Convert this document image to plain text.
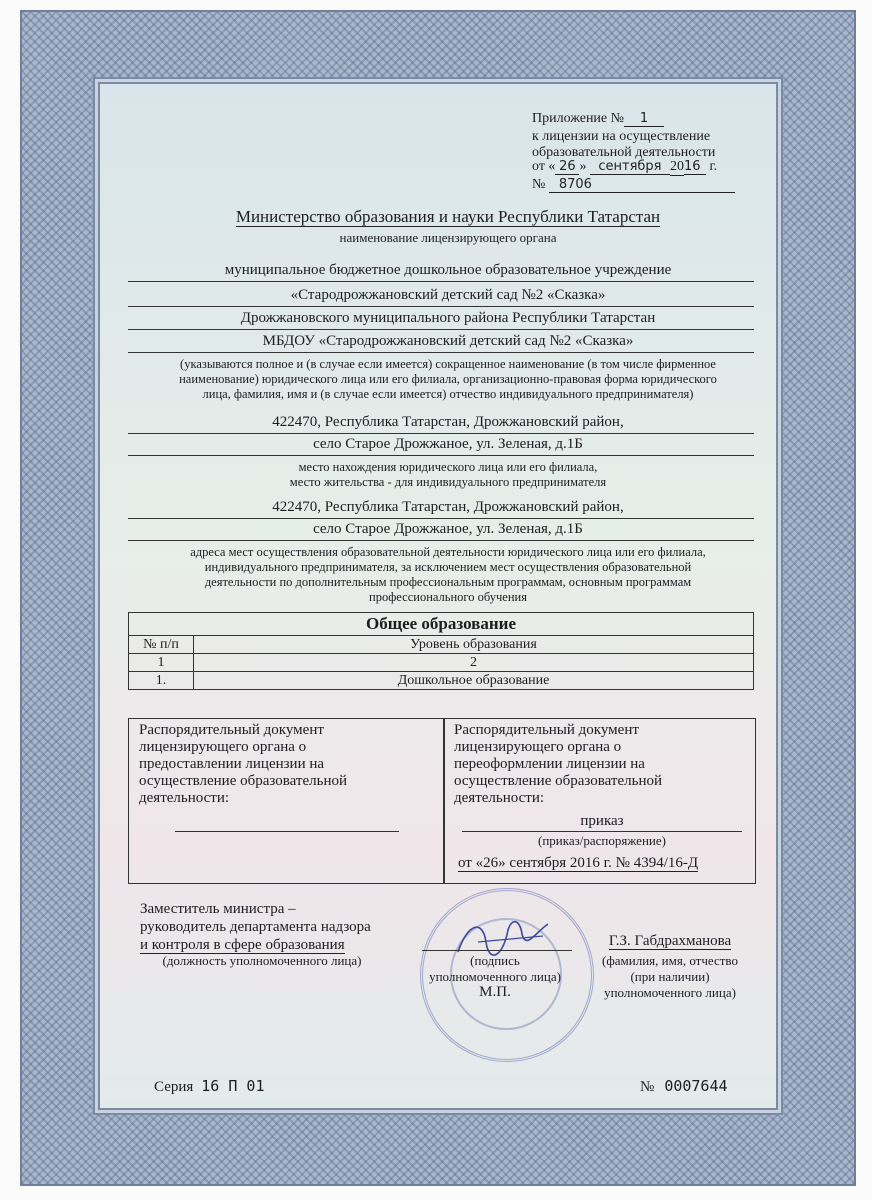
Приложение № 1
к лицензии на осуществление
образовательной деятельности
от « 26 » сентября 2016 г.
№ 8706
Министерство образования и науки Республики Татарстан
наименование лицензирующего органа
муниципальное бюджетное дошкольное образовательное учреждение
«Стародрожжановский детский сад №2 «Сказка»
Дрожжановского муниципального района Республики Татарстан
МБДОУ «Стародрожжановский детский сад №2 «Сказка»
(указываются полное и (в случае если имеется) сокращенное наименование (в том числе фирменное
наименование) юридического лица или его филиала, организационно-правовая форма юридического
лица, фамилия, имя и (в случае если имеется) отчество индивидуального предпринимателя)
422470, Республика Татарстан, Дрожжановский район,
село Старое Дрожжаное, ул. Зеленая, д.1Б
место нахождения юридического лица или его филиала,
место жительства - для индивидуального предпринимателя
422470, Республика Татарстан, Дрожжановский район,
село Старое Дрожжаное, ул. Зеленая, д.1Б
адреса мест осуществления образовательной деятельности юридического лица или его филиала,
индивидуального предпринимателя, за исключением мест осуществления образовательной
деятельности по дополнительным профессиональным программам, основным программам
профессионального обучения
Общее образование	
№ п/п	Уровень образования
1	2
1.	Дошкольное образование
Распорядительный документ
лицензирующего органа о
предоставлении лицензии на
осуществление образовательной
деятельности:
Распорядительный документ
лицензирующего органа о
переоформлении лицензии на
осуществление образовательной
деятельности:
приказ
(приказ/распоряжение)
от «26» сентября 2016 г. № 4394/16-Д
Заместитель министра –
руководитель департамента надзора
и контроля в сфере образования
(должность уполномоченного лица)	(подпись
уполномоченного лица)
М.П.
Г.З. Габдрахманова
(фамилия, имя, отчество
(при наличии)
уполномоченного лица)
Серия 16 П 01	№ 0007644
